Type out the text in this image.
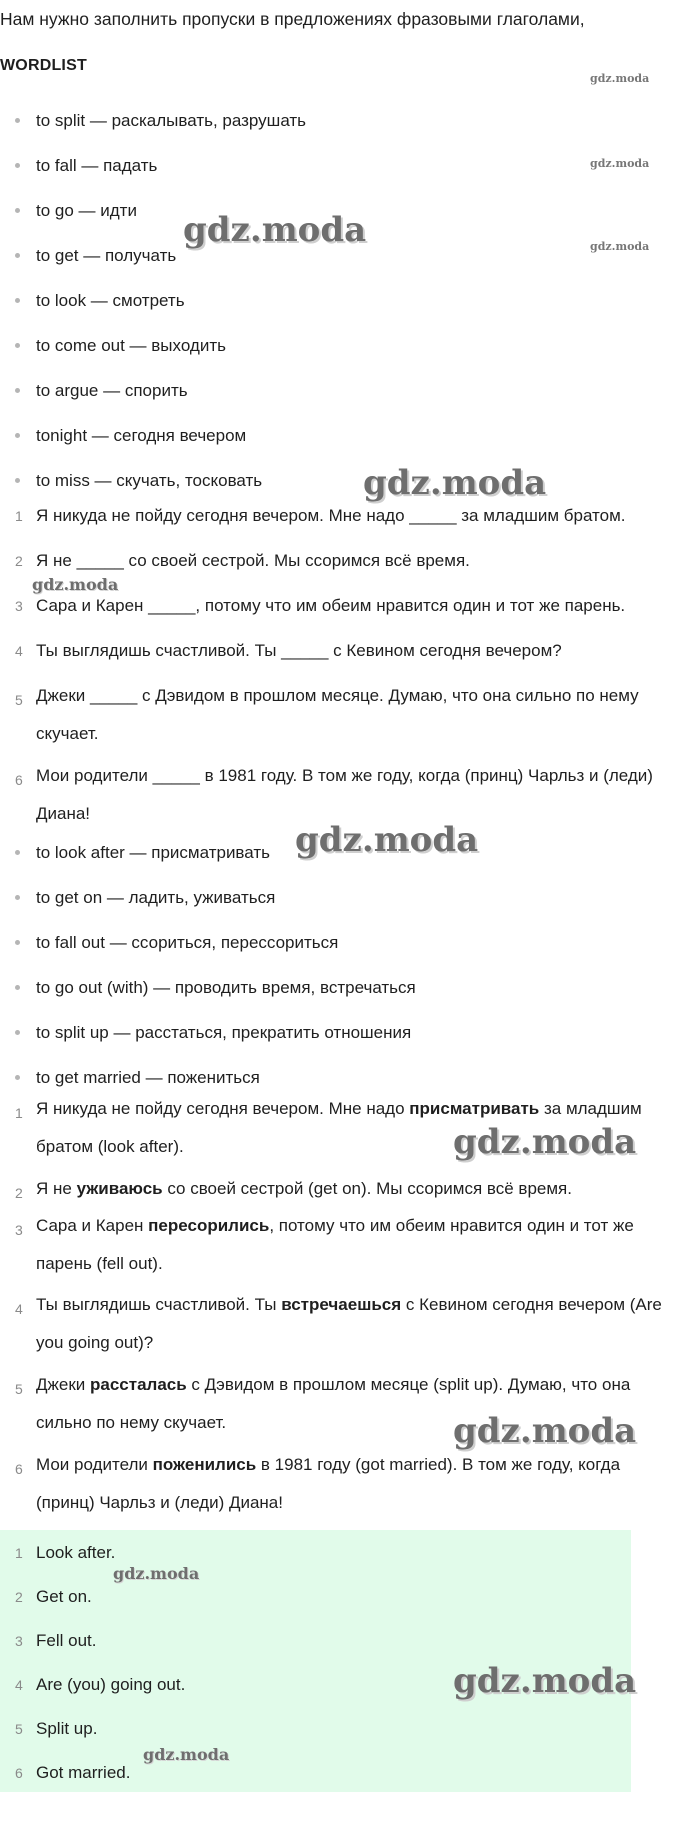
Нам нужно заполнить пропуски в предложениях фразовыми глаголами,
WORDLIST
to split — раскалывать, разрушать
to fall — падать
to go — идти
to get — получать
to look — смотреть
to come out — выходить
to argue — спорить
tonight — сегодня вечером
to miss — скучать, тосковать
1 Я никуда не пойду сегодня вечером. Мне надо _____ за младшим братом.
2 Я не _____ со своей сестрой. Мы ссоримся всё время.
3 Сара и Карен _____, потому что им обеим нравится один и тот же парень.
4 Ты выглядишь счастливой. Ты _____ с Кевином сегодня вечером?
5 Джеки _____ с Дэвидом в прошлом месяце. Думаю, что она сильно по нему скучает.
6 Мои родители _____ в 1981 году. В том же году, когда (принц) Чарльз и (леди) Диана!
to look after — присматривать
to get on — ладить, уживаться
to fall out — ссориться, перессориться
to go out (with) — проводить время, встречаться
to split up — расстаться, прекратить отношения
to get married — пожениться
1 Я никуда не пойду сегодня вечером. Мне надо присматривать за младшим братом (look after).
2 Я не уживаюсь со своей сестрой (get on). Мы ссоримся всё время.
3 Сара и Карен пересорились, потому что им обеим нравится один и тот же парень (fell out).
4 Ты выглядишь счастливой. Ты встречаешься с Кевином сегодня вечером (Are you going out)?
5 Джеки рассталась с Дэвидом в прошлом месяце (split up). Думаю, что она сильно по нему скучает.
6 Мои родители поженились в 1981 году (got married). В том же году, когда (принц) Чарльз и (леди) Диана!
1 Look after.
2 Get on.
3 Fell out.
4 Are (you) going out.
5 Split up.
6 Got married.
gdz.moda
gdz.moda
gdz.moda
gdz.moda
gdz.moda
gdz.moda
gdz.moda
gdz.moda
gdz.moda
gdz.moda
gdz.moda
gdz.moda
